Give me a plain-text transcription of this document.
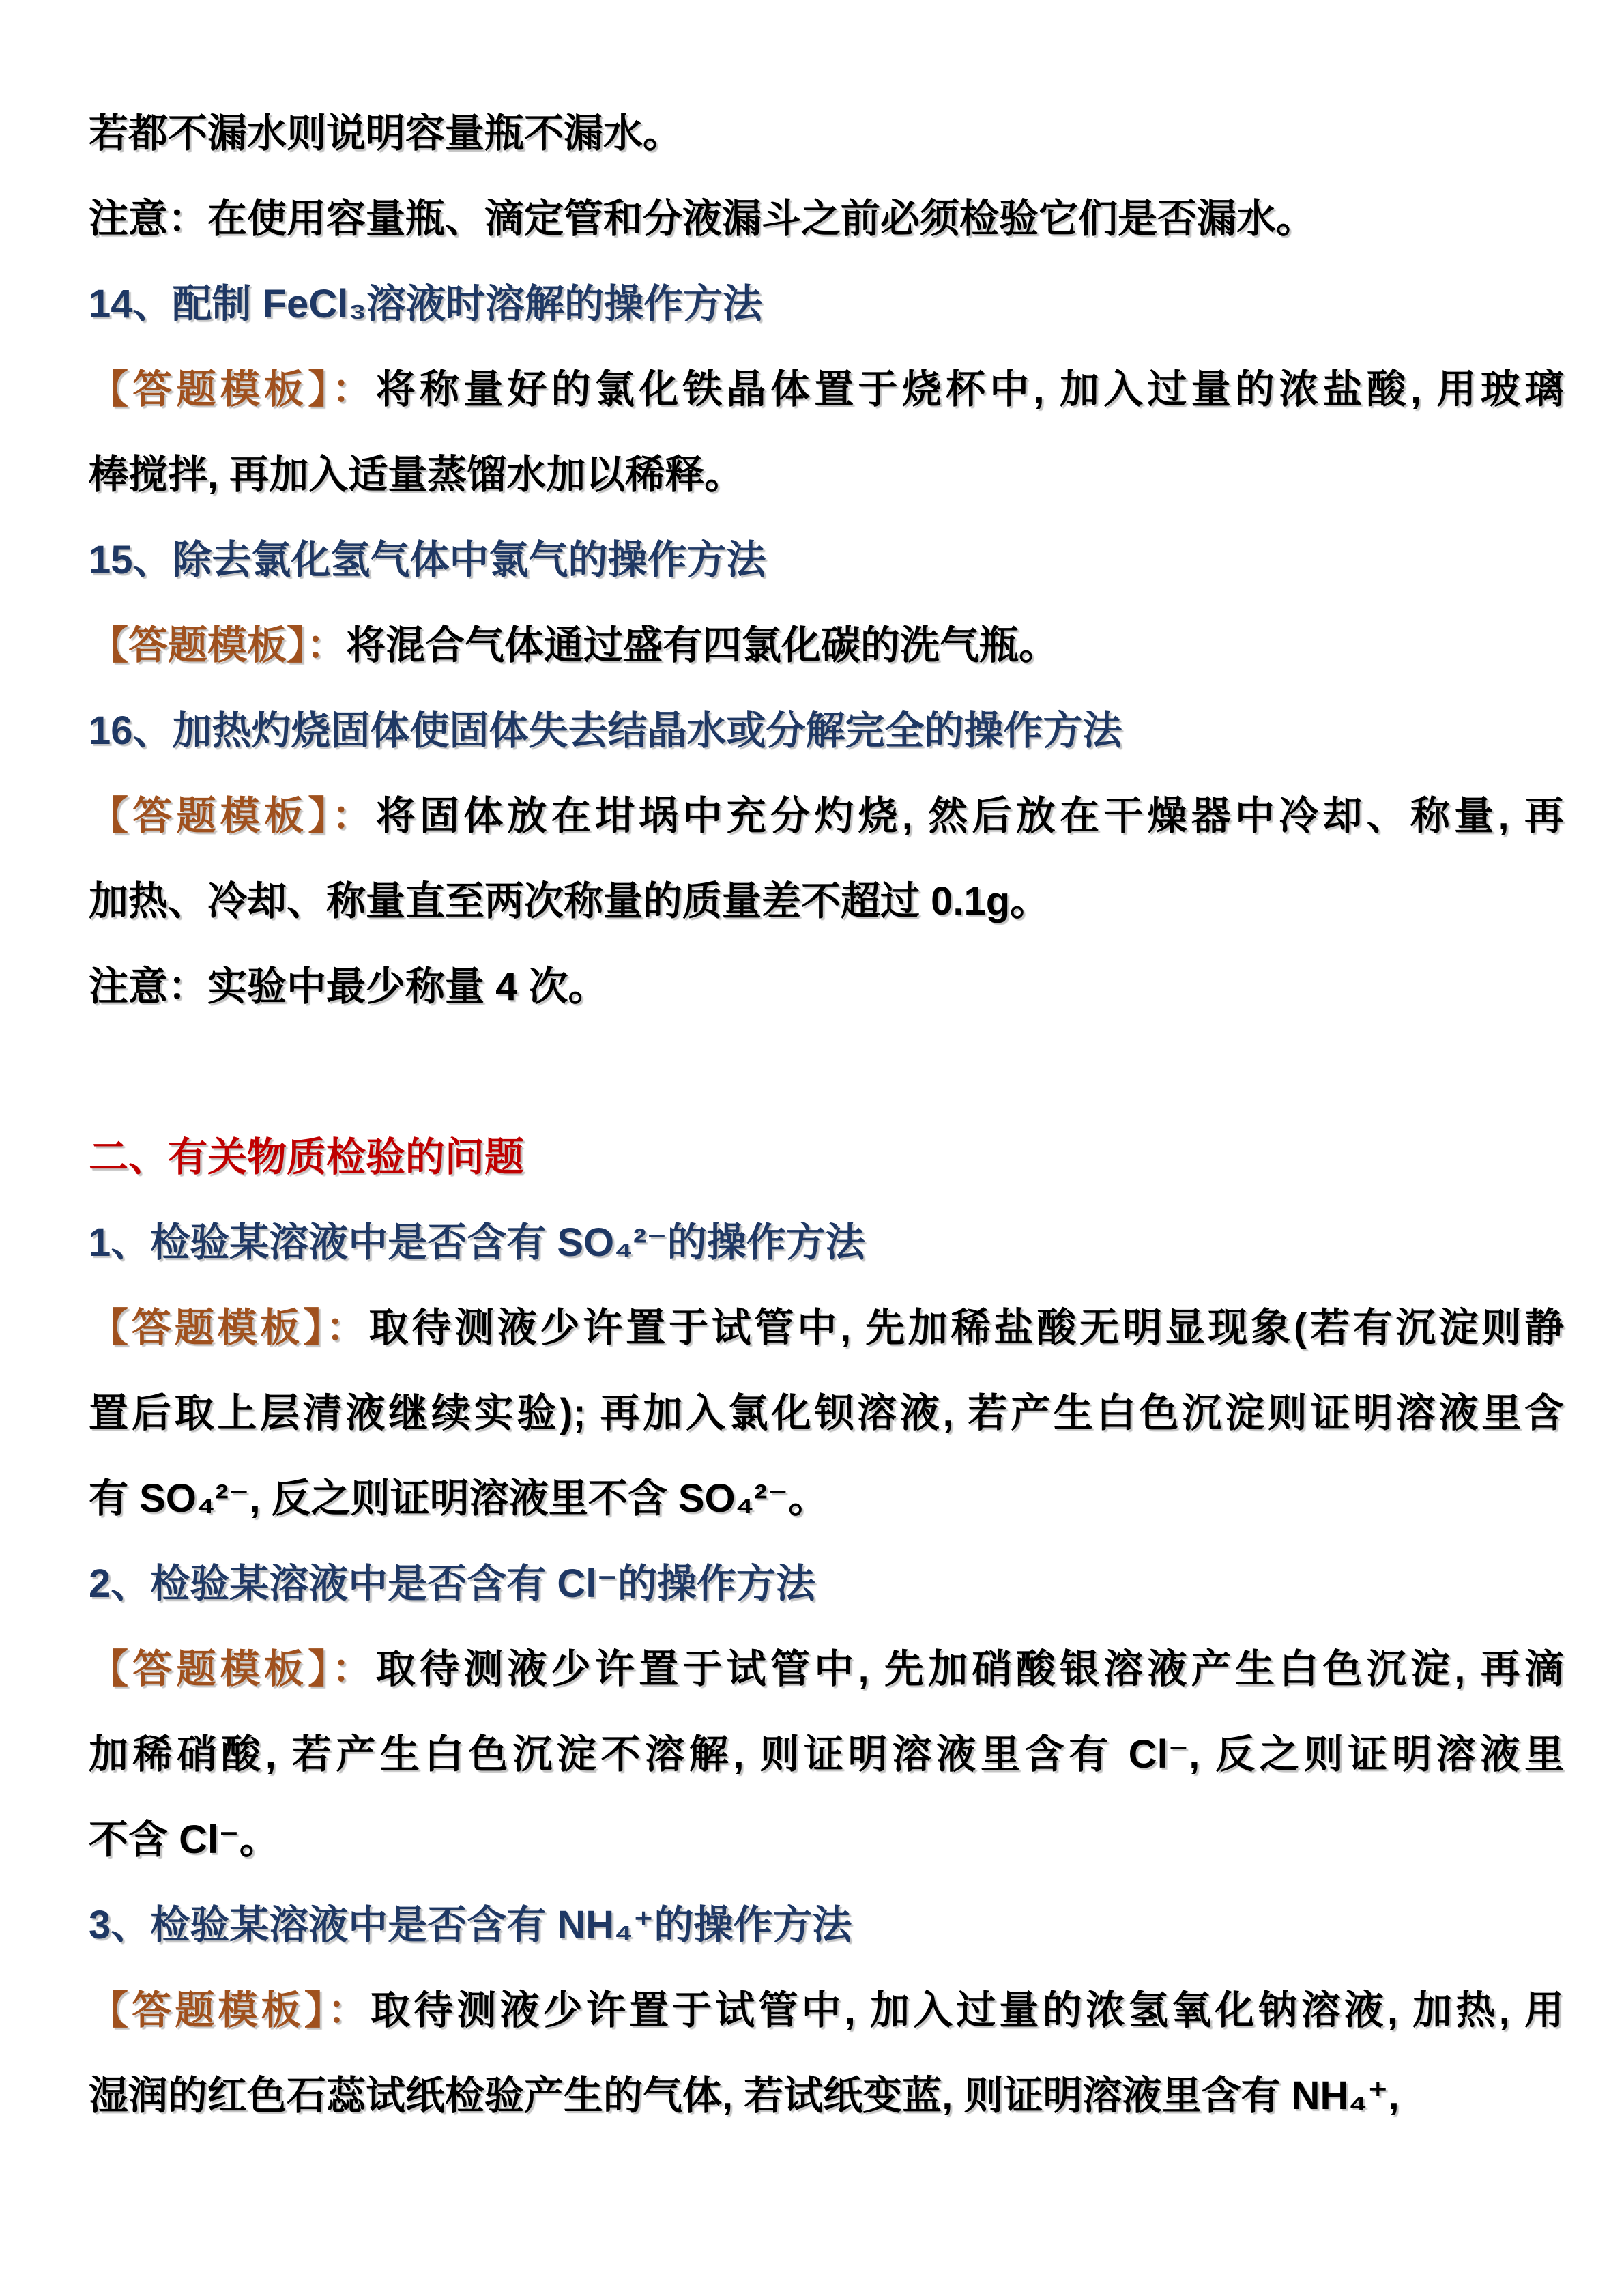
若都不漏水则说明容量瓶不漏水。

注意：在使用容量瓶、滴定管和分液漏斗之前必须检验它们是否漏水。

14、配制 FeCl₃溶液时溶解的操作方法

【答题模板】：将称量好的氯化铁晶体置于烧杯中, 加入过量的浓盐酸, 用玻璃

棒搅拌, 再加入适量蒸馏水加以稀释。

15、除去氯化氢气体中氯气的操作方法

【答题模板】：将混合气体通过盛有四氯化碳的洗气瓶。

16、加热灼烧固体使固体失去结晶水或分解完全的操作方法

【答题模板】：将固体放在坩埚中充分灼烧, 然后放在干燥器中冷却、称量, 再

加热、冷却、称量直至两次称量的质量差不超过 0.1g。

注意：实验中最少称量 4 次。

二、有关物质检验的问题

1、检验某溶液中是否含有 SO₄²⁻的操作方法

【答题模板】：取待测液少许置于试管中, 先加稀盐酸无明显现象(若有沉淀则静

置后取上层清液继续实验); 再加入氯化钡溶液, 若产生白色沉淀则证明溶液里含

有 SO₄²⁻, 反之则证明溶液里不含 SO₄²⁻。

2、检验某溶液中是否含有 Cl⁻的操作方法

【答题模板】：取待测液少许置于试管中, 先加硝酸银溶液产生白色沉淀, 再滴

加稀硝酸, 若产生白色沉淀不溶解, 则证明溶液里含有 Cl⁻, 反之则证明溶液里

不含 Cl⁻。

3、检验某溶液中是否含有 NH₄⁺的操作方法

【答题模板】：取待测液少许置于试管中, 加入过量的浓氢氧化钠溶液, 加热, 用

湿润的红色石蕊试纸检验产生的气体, 若试纸变蓝, 则证明溶液里含有 NH₄⁺,
